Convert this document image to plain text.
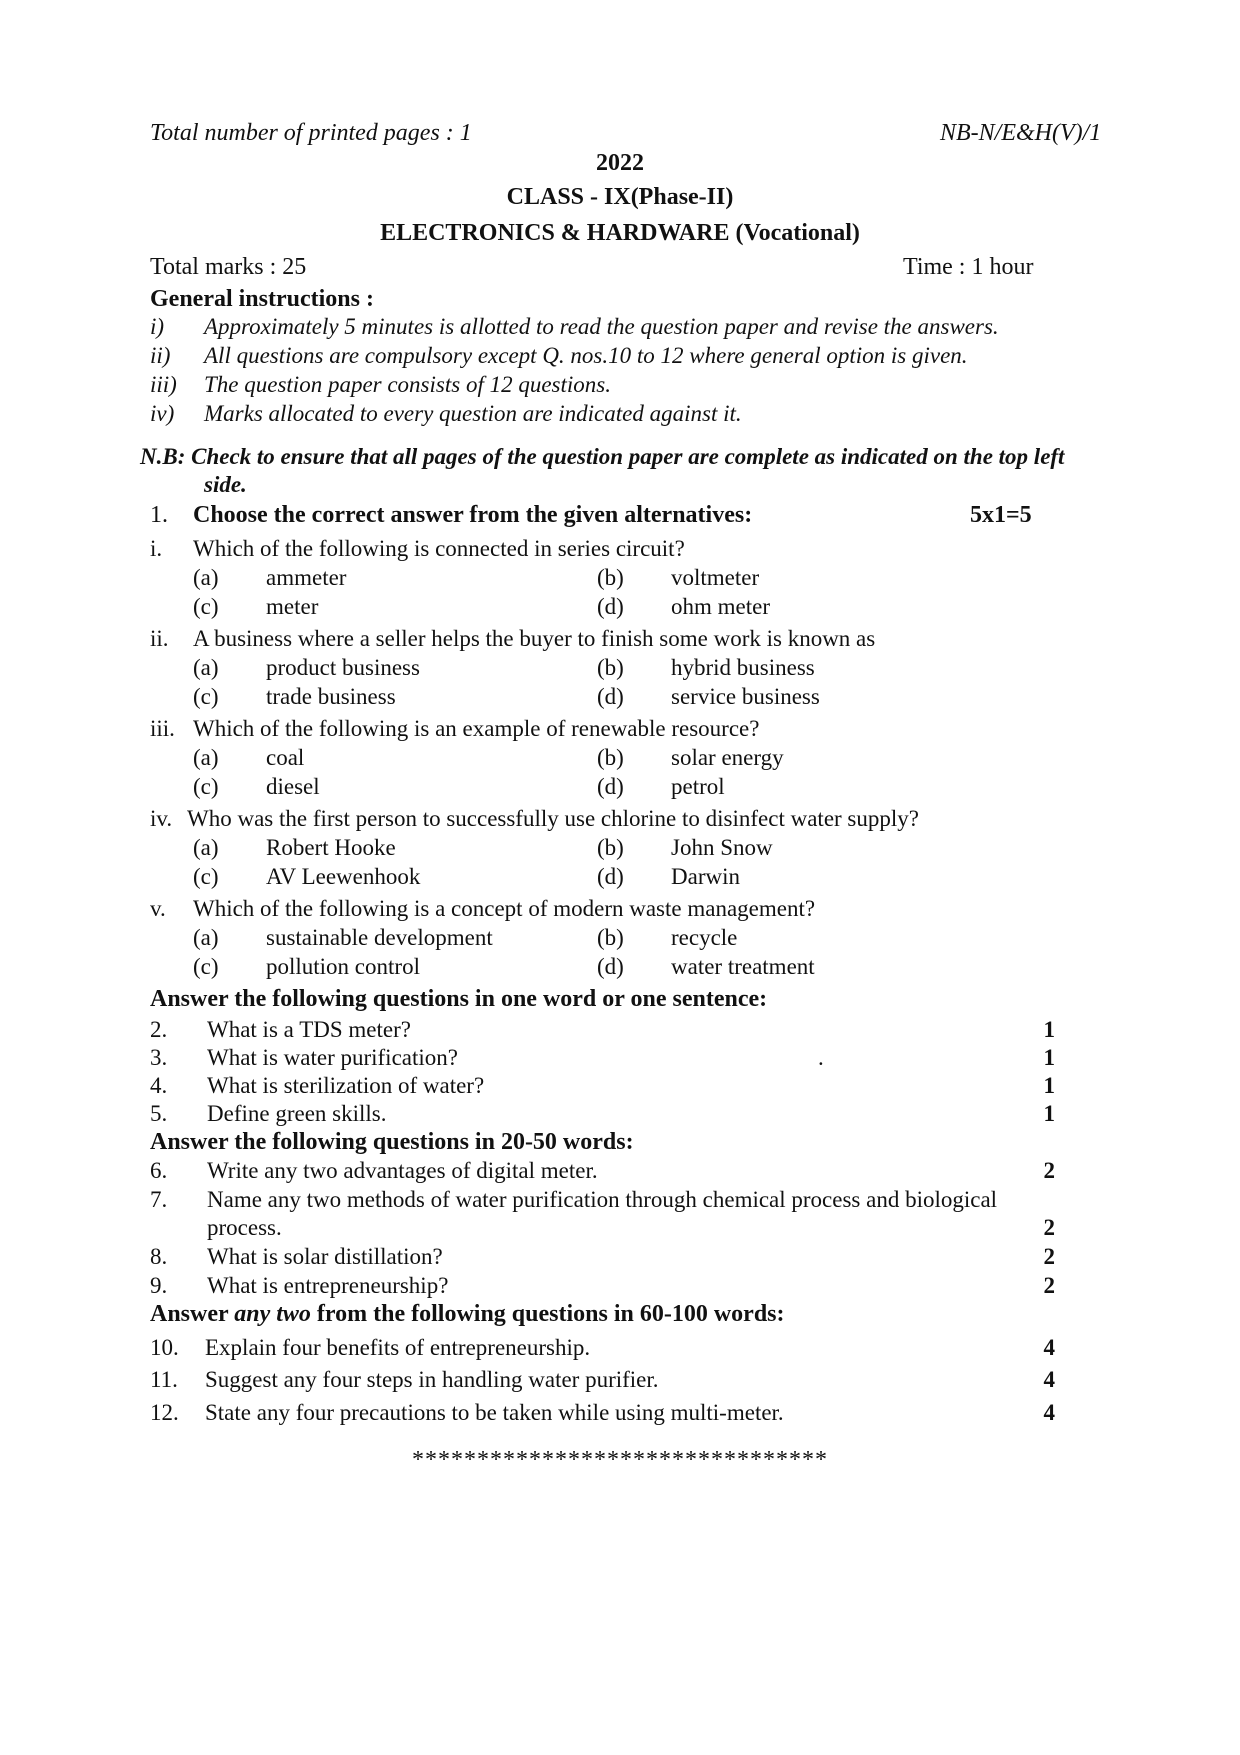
Total number of printed pages : 1	NB-N/E&H(V)/1
2022
CLASS - IX(Phase-II)
ELECTRONICS & HARDWARE (Vocational)
Total marks : 25	Time : 1 hour
General instructions :
i)	Approximately 5 minutes is allotted to read the question paper and revise the answers.
ii)	All questions are compulsory except Q. nos.10 to 12 where general option is given.
iii)	The question paper consists of 12 questions.
iv)	Marks allocated to every question are indicated against it.
N.B: Check to ensure that all pages of the question paper are complete as indicated on the top left
side.
1. Choose the correct answer from the given alternatives:	5x1=5
i. Which of the following is connected in series circuit?
(a) ammeter	(b) voltmeter
(c) meter	(d) ohm meter
ii. A business where a seller helps the buyer to finish some work is known as
(a) product business	(b) hybrid business
(c) trade business	(d) service business
iii. Which of the following is an example of renewable resource?
(a) coal	(b) solar energy
(c) diesel	(d) petrol
iv. Who was the first person to successfully use chlorine to disinfect water supply?
(a) Robert Hooke	(b) John Snow
(c) AV Leewenhook	(d) Darwin
v. Which of the following is a concept of modern waste management?
(a) sustainable development	(b) recycle
(c) pollution control	(d) water treatment
Answer the following questions in one word or one sentence:
2. What is a TDS meter?	1
3. What is water purification?	.	1
4. What is sterilization of water?	1
5. Define green skills.	1
Answer the following questions in 20-50 words:
6. Write any two advantages of digital meter.	2
7. Name any two methods of water purification through chemical process and biological
process.	2
8. What is solar distillation?	2
9. What is entrepreneurship?	2
Answer any two from the following questions in 60-100 words:
10. Explain four benefits of entrepreneurship.	4
11. Suggest any four steps in handling water purifier.	4
12. State any four precautions to be taken while using multi-meter.	4
********************************
